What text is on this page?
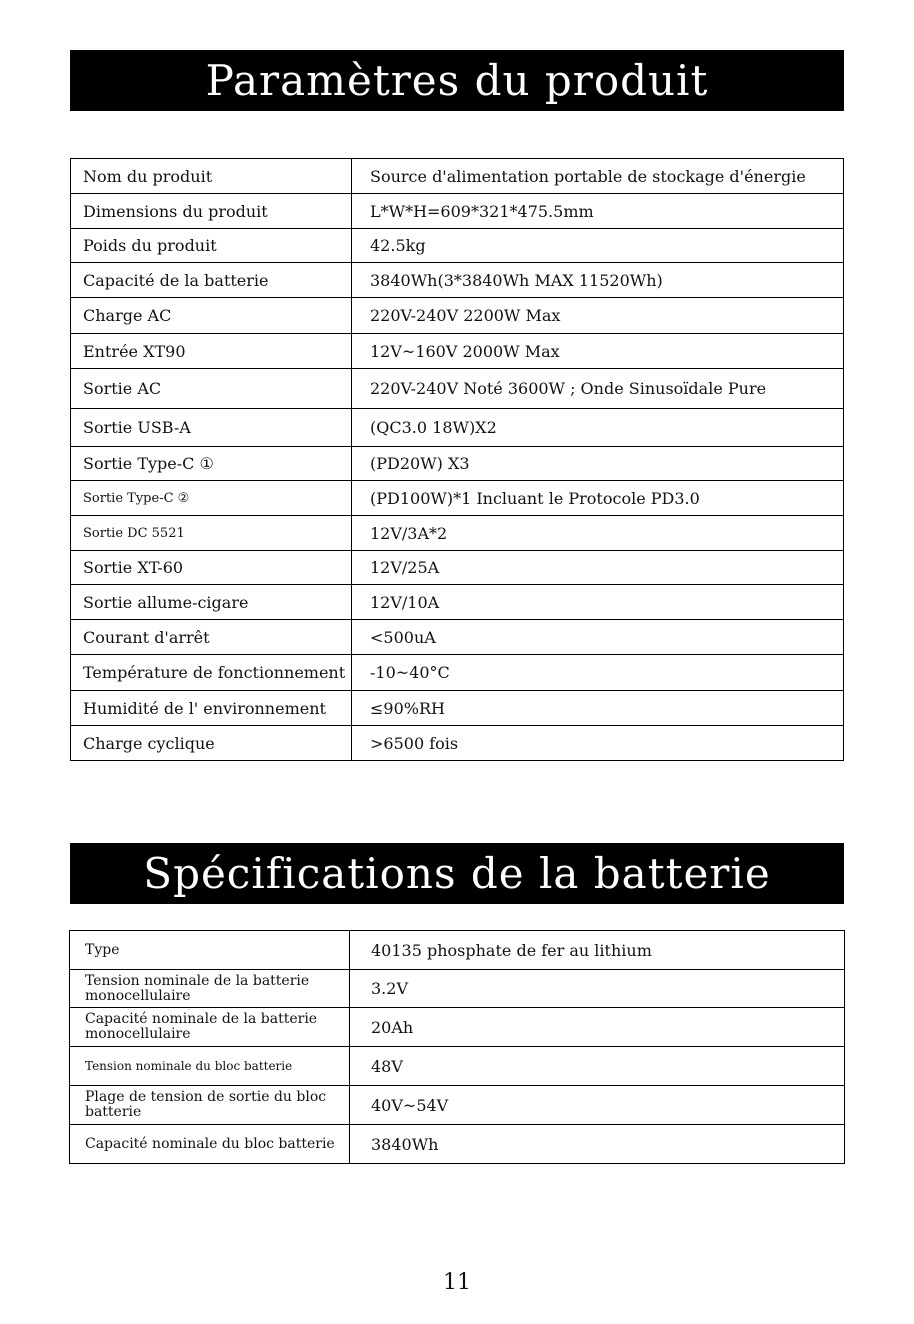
Paramètres du produit
Nom du produit	Source d'alimentation portable de stockage d'énergie
Dimensions du produit	L*W*H=609*321*475.5mm
Poids du produit	42.5kg
Capacité de la batterie	3840Wh(3*3840Wh MAX 11520Wh)
Charge AC	220V-240V 2200W Max
Entrée XT90	12V~160V 2000W Max
Sortie AC	220V-240V Noté 3600W ; Onde Sinusoïdale Pure
Sortie USB-A	(QC3.0 18W)X2
Sortie Type-C ①	(PD20W) X3
Sortie Type-C ②	(PD100W)*1 Incluant le Protocole PD3.0
Sortie DC 5521	12V/3A*2
Sortie XT-60	12V/25A
Sortie allume-cigare	12V/10A
Courant d'arrêt	<500uA
Température de fonctionnement	-10~40°C
Humidité de l' environnement	≤90%RH
Charge cyclique	>6500 fois
Spécifications de la batterie
Type	40135 phosphate de fer au lithium
Tension nominale de la batterie monocellulaire	3.2V
Capacité nominale de la batterie monocellulaire	20Ah
Tension nominale du bloc batterie	48V
Plage de tension de sortie du bloc batterie	40V~54V
Capacité nominale du bloc batterie	3840Wh
11
